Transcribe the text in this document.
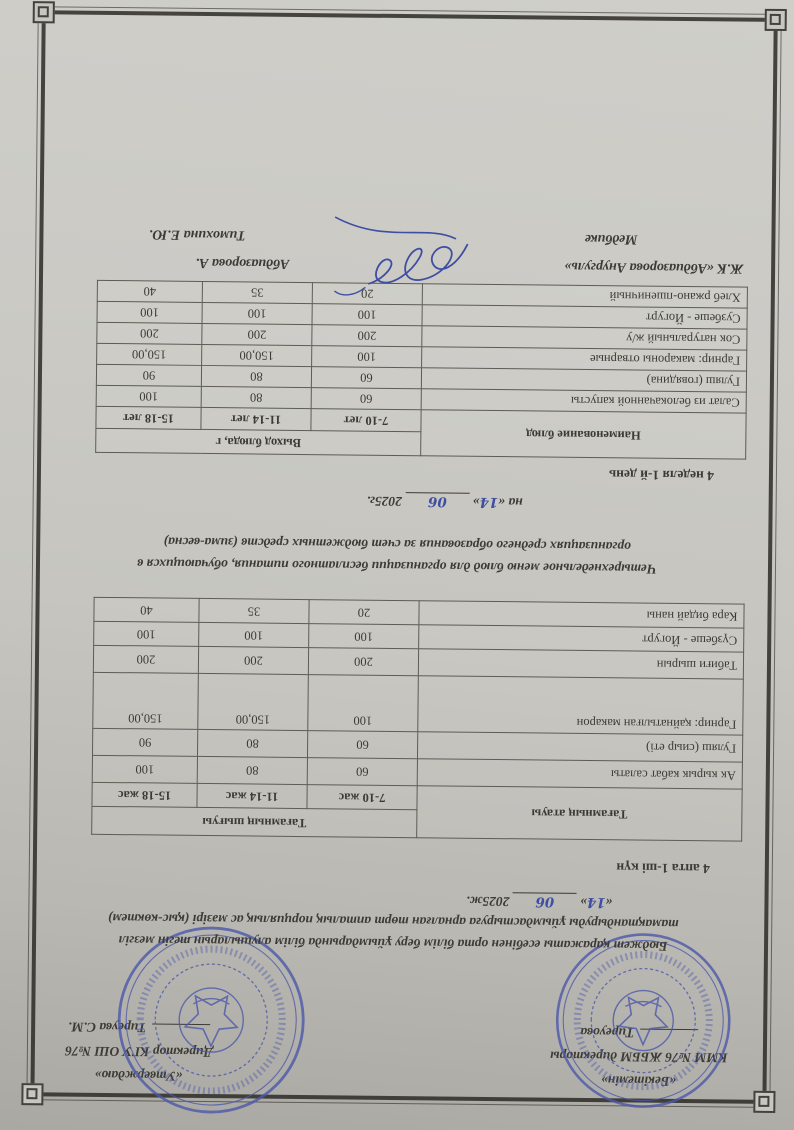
«Бекітемін»
КММ №76 ЖББМ директоры
Тиреуова
«Утверждаю»
Директор КГУ ОШ №76
Тиреува С.М.
Бюджет қаражаты есебінен орта білім беру ұйымдарында білім алушыларын тегін мезгіл
тамақтандыруды ұйымдастыруға арналған төрт апталық порциялық ас мәзірі (қыс-көктем)
«14» 06 2025ж.
4 апта 1-ші күн
Тағамның атауы	Тағамның шығуы		
	7-10 жас	11-14 жас	15-18 жас
Ак кырык кабат салаты	60	80	100
Гуляш (сиыр еті)	60	80	90
Гарнир: қайнатылған макарон	100	150,00	150,00
Табиғи шырын	200	200	200
Сүзбеше - Йогурт	100	100	100
Кара бидай наны	20	35	40
Четырехнедельное меню блюд для организации бесплатного питания, обучающихся в
организациях среднего образования за счет бюджетных средств (зима-весна)
на «14» 06 2025г.
4 неделя 1-й день
Наименование блюд	Выход блюда, г		
	7-10 лет	11-14 лет	15-18 лет
Салат из белокачанной капусты	60	80	100
Гуляш (говядина)	60	80	90
Гарнир: макароны отварные	100	150,00	150,00
Сок натуральный ж/у	200	200	200
Сузбеше - Йогурт	100	100	100
Хлеб ржано-пшеничный	20	35	40
Ж.К «Абдиазорова Анургуль»
Абдиазорова А.
Медбике
Тимохина Е.Ю.
